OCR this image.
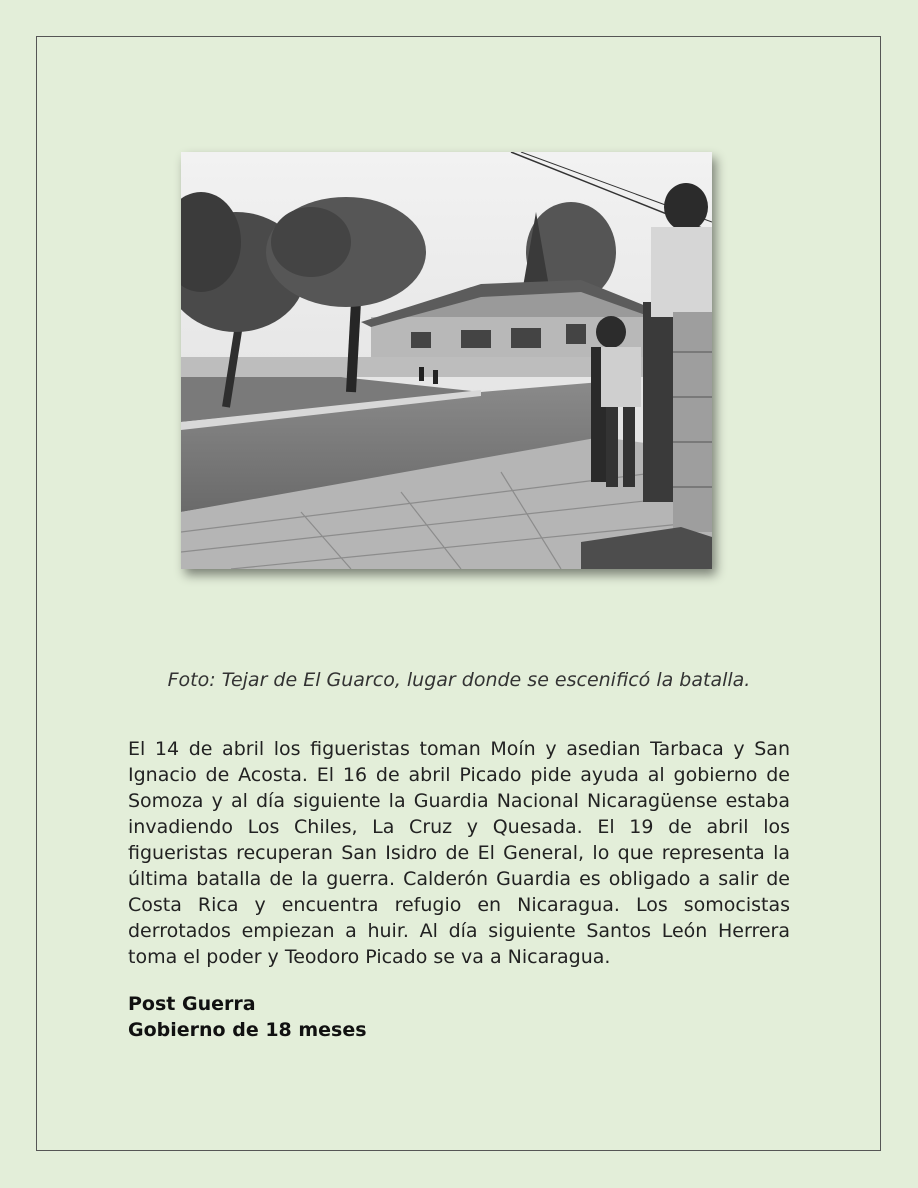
Foto: Tejar de El Guarco, lugar donde se escenificó la batalla.
El 14 de abril los figueristas toman Moín y asedian Tarbaca y San Ignacio de Acosta. El 16 de abril Picado pide ayuda al gobierno de Somoza y al día siguiente la Guardia Nacional Nicaragüense estaba invadiendo Los Chiles, La Cruz y Quesada. El 19 de abril los figueristas recuperan San Isidro de El General, lo que representa la última batalla de la guerra. Calderón Guardia es obligado a salir de Costa Rica y encuentra refugio en Nicaragua. Los somocistas derrotados empiezan a huir. Al día siguiente Santos León Herrera toma el poder y Teodoro Picado se va a Nicaragua.
Post Guerra
Gobierno de 18 meses
